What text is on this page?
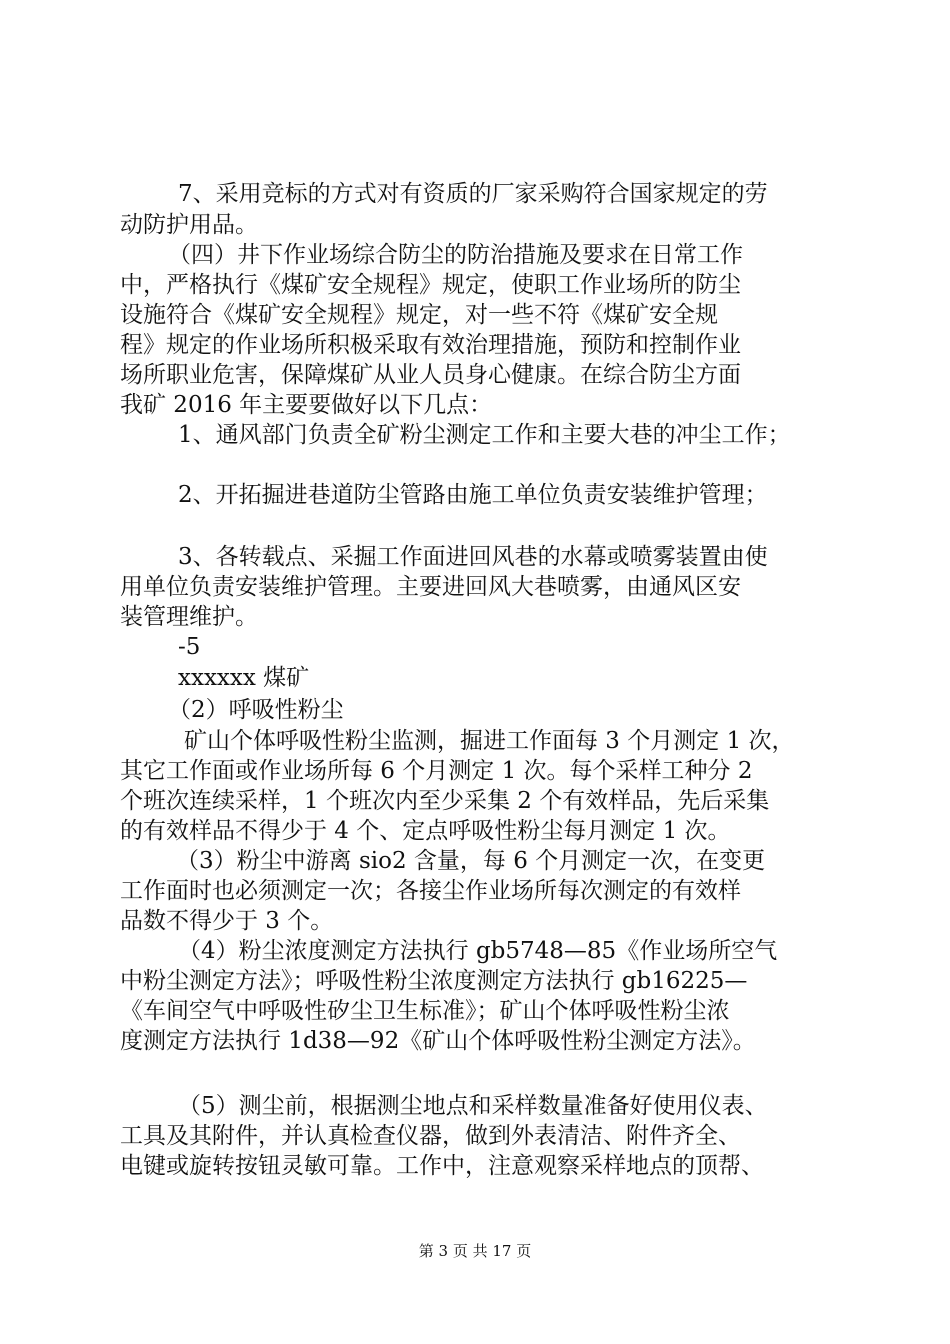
7、采用竞标的方式对有资质的厂家采购符合国家规定的劳

动防护用品。

（四）井下作业场综合防尘的防治措施及要求在日常工作

中，严格执行《煤矿安全规程》规定，使职工作业场所的防尘

设施符合《煤矿安全规程》规定，对一些不符《煤矿安全规

程》规定的作业场所积极采取有效治理措施，预防和控制作业

场所职业危害，保障煤矿从业人员身心健康。在综合防尘方面

我矿 2016 年主要要做好以下几点：

1、通风部门负责全矿粉尘测定工作和主要大巷的冲尘工作；

2、开拓掘进巷道防尘管路由施工单位负责安装维护管理；

3、各转载点、采掘工作面进回风巷的水幕或喷雾装置由使

用单位负责安装维护管理。主要进回风大巷喷雾，由通风区安

装管理维护。

-5

xxxxxx 煤矿

（2）呼吸性粉尘

矿山个体呼吸性粉尘监测，掘进工作面每 3 个月测定 1 次，

其它工作面或作业场所每 6 个月测定 1 次。每个采样工种分 2

个班次连续采样，1 个班次内至少采集 2 个有效样品，先后采集

的有效样品不得少于 4 个、定点呼吸性粉尘每月测定 1 次。

（3）粉尘中游离 sio2 含量，每 6 个月测定一次，在变更

工作面时也必须测定一次；各接尘作业场所每次测定的有效样

品数不得少于 3 个。

（4）粉尘浓度测定方法执行 gb5748—85《作业场所空气

中粉尘测定方法》；呼吸性粉尘浓度测定方法执行 gb16225—

《车间空气中呼吸性矽尘卫生标准》；矿山个体呼吸性粉尘浓

度测定方法执行 1d38—92《矿山个体呼吸性粉尘测定方法》。

（5）测尘前，根据测尘地点和采样数量准备好使用仪表、

工具及其附件，并认真检查仪器，做到外表清洁、附件齐全、

电键或旋转按钮灵敏可靠。工作中，注意观察采样地点的顶帮、

第 3 页 共 17 页
